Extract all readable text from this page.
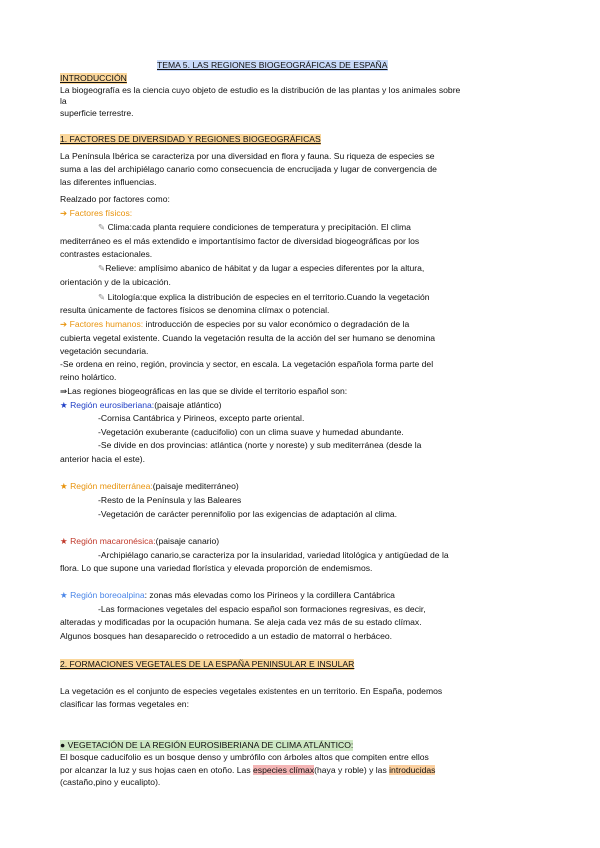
TEMA 5. LAS REGIONES BIOGEOGRÁFICAS DE ESPAÑA
INTRODUCCIÓN
La biogeografía es la ciencia cuyo objeto de estudio es la distribución de las plantas y los animales sobre
la
superficie terrestre.
1. FACTORES DE DIVERSIDAD Y REGIONES BIOGEOGRÁFICAS
La Península Ibérica se caracteriza por una diversidad en flora y fauna. Su riqueza de especies se
suma a las del archipiélago canario como consecuencia de encrucijada y lugar de convergencia de
las diferentes influencias.
Realzado por factores como:
➔ Factores físicos:
✎ Clima:cada planta requiere condiciones de temperatura y precipitación. El clima
mediterráneo es el más extendido e importantísimo factor de diversidad biogeográficas por los
contrastes estacionales.
✎Relieve: amplísimo abanico de hábitat y da lugar a especies diferentes por la altura,
orientación y de la ubicación.
✎ Litología:que explica la distribución de especies en el territorio.Cuando la vegetación
resulta únicamente de factores físicos se denomina clímax o potencial.
➔ Factores humanos: introducción de especies por su valor económico o degradación de la
cubierta vegetal existente. Cuando la vegetación resulta de la acción del ser humano se denomina
vegetación secundaria.
-Se ordena en reino, región, provincia y sector, en escala. La vegetación española forma parte del
reino holártico.
⇛Las regiones biogeográficas en las que se divide el territorio español son:
★ Región eurosiberiana:(paisaje atlántico)
-Cornisa Cantábrica y Pirineos, excepto parte oriental.
-Vegetación exuberante (caducifolio) con un clima suave y humedad abundante.
-Se divide en dos provincias: atlántica (norte y noreste) y sub mediterránea (desde la
anterior hacia el este).
★ Región mediterránea:(paisaje mediterráneo)
-Resto de la Península y las Baleares
-Vegetación de carácter perennifolio por las exigencias de adaptación al clima.
★ Región macaronésica:(paisaje canario)
-Archipiélago canario,se caracteriza por la insularidad, variedad litológica y antigüedad de la
flora. Lo que supone una variedad florística y elevada proporción de endemismos.
★ Región boreoalpina: zonas más elevadas como los Pirineos y la cordillera Cantábrica
-Las formaciones vegetales del espacio español son formaciones regresivas, es decir,
alteradas y modificadas por la ocupación humana. Se aleja cada vez más de su estado clímax.
Algunos bosques han desaparecido o retrocedido a un estadio de matorral o herbáceo.
2. FORMACIONES VEGETALES DE LA ESPAÑA PENINSULAR E INSULAR
La vegetación es el conjunto de especies vegetales existentes en un territorio. En España, podemos
clasificar las formas vegetales en:
● VEGETACIÓN DE LA REGIÓN EUROSIBERIANA DE CLIMA ATLÁNTICO:
El bosque caducifolio es un bosque denso y umbrófilo con árboles altos que compiten entre ellos
por alcanzar la luz y sus hojas caen en otoño. Las especies clímax(haya y roble) y las introducidas
(castaño,pino y eucalipto).
